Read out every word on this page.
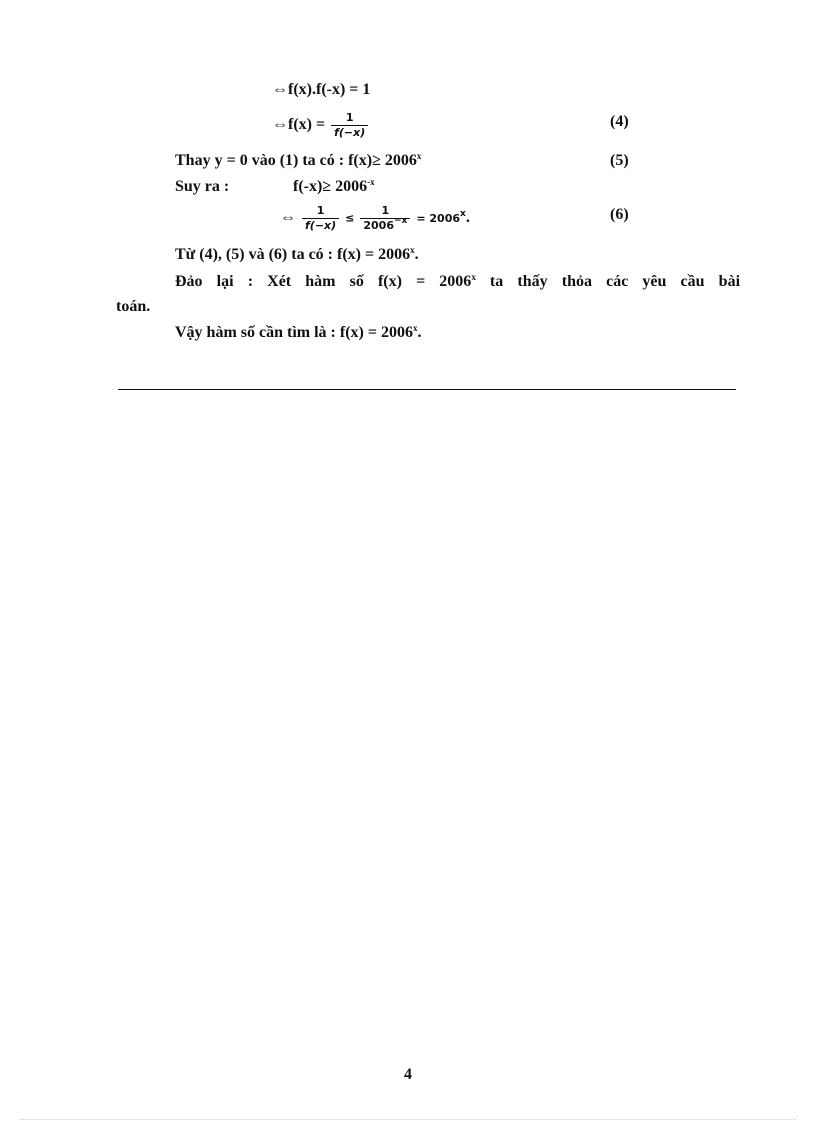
⇔f(x).f(-x) = 1
⇔f(x) = $\frac{1}{f(-x)}$	(4)
Thay y = 0 vào (1) ta có : $f(x)\ge 2006^x$	(5)
Suy ra :	$f(-x)\ge 2006^{-x}$
⇔ $\frac{1}{f(-x)} \le \frac{1}{2006^{-x}} = 2006^x$.	(6)
Từ (4), (5) và (6) ta có : $f(x) = 2006^x$.
Đảo lại : Xét hàm số $f(x) = 2006^x$ ta thấy thỏa các yêu cầu bài
toán.
Vậy hàm số cần tìm là : $f(x) = 2006^x$.
4
